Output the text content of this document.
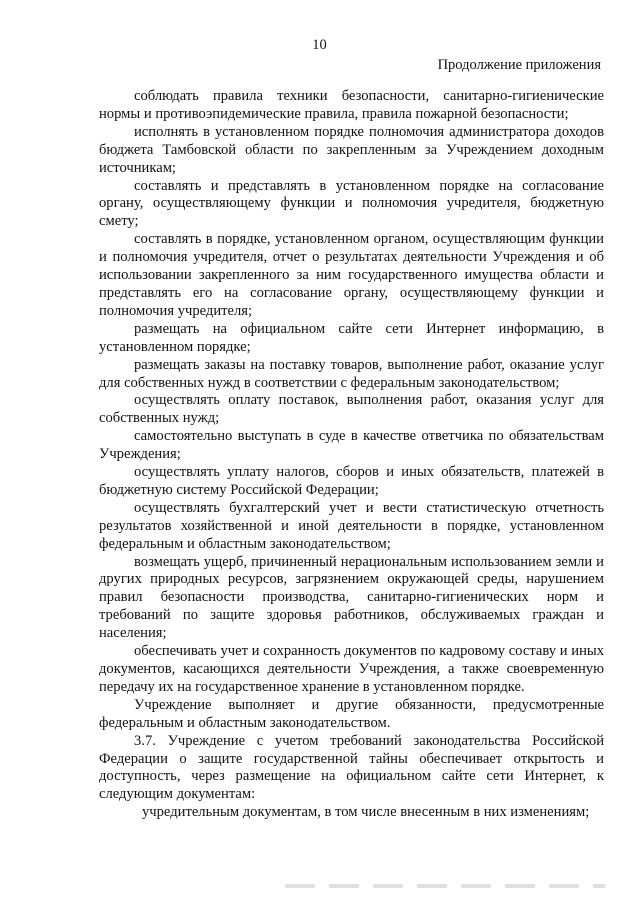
10
Продолжение приложения

соблюдать правила техники безопасности, санитарно-гигиенические нормы и противоэпидемические правила, правила пожарной безопасности;

исполнять в установленном порядке полномочия администратора доходов бюджета Тамбовской области по закрепленным за Учреждением доходным источникам;

составлять и представлять в установленном порядке на согласование органу, осуществляющему функции и полномочия учредителя, бюджетную смету;

составлять в порядке, установленном органом, осуществляющим функции и полномочия учредителя, отчет о результатах деятельности Учреждения и об использовании закрепленного за ним государственного имущества области и представлять его на согласование органу, осуществляющему функции и полномочия учредителя;

размещать на официальном сайте сети Интернет информацию, в установленном порядке;

размещать заказы на поставку товаров, выполнение работ, оказание услуг для собственных нужд в соответствии с федеральным законодательством;

осуществлять оплату поставок, выполнения работ, оказания услуг для собственных нужд;

самостоятельно выступать в суде в качестве ответчика по обязательствам Учреждения;

осуществлять уплату налогов, сборов и иных обязательств, платежей в бюджетную систему Российской Федерации;

осуществлять бухгалтерский учет и вести статистическую отчетность результатов хозяйственной и иной деятельности в порядке, установленном федеральным и областным законодательством;

возмещать ущерб, причиненный нерациональным использованием земли и других природных ресурсов, загрязнением окружающей среды, нарушением правил безопасности производства, санитарно-гигиенических норм и требований по защите здоровья работников, обслуживаемых граждан и населения;

обеспечивать учет и сохранность документов по кадровому составу и иных документов, касающихся деятельности Учреждения, а также своевременную передачу их на государственное хранение в установленном порядке.

Учреждение выполняет и другие обязанности, предусмотренные федеральным и областным законодательством.

3.7. Учреждение с учетом требований законодательства Российской Федерации о защите государственной тайны обеспечивает открытость и доступность, через размещение на официальном сайте сети Интернет, к следующим документам:

учредительным документам, в том числе внесенным в них изменениям;
